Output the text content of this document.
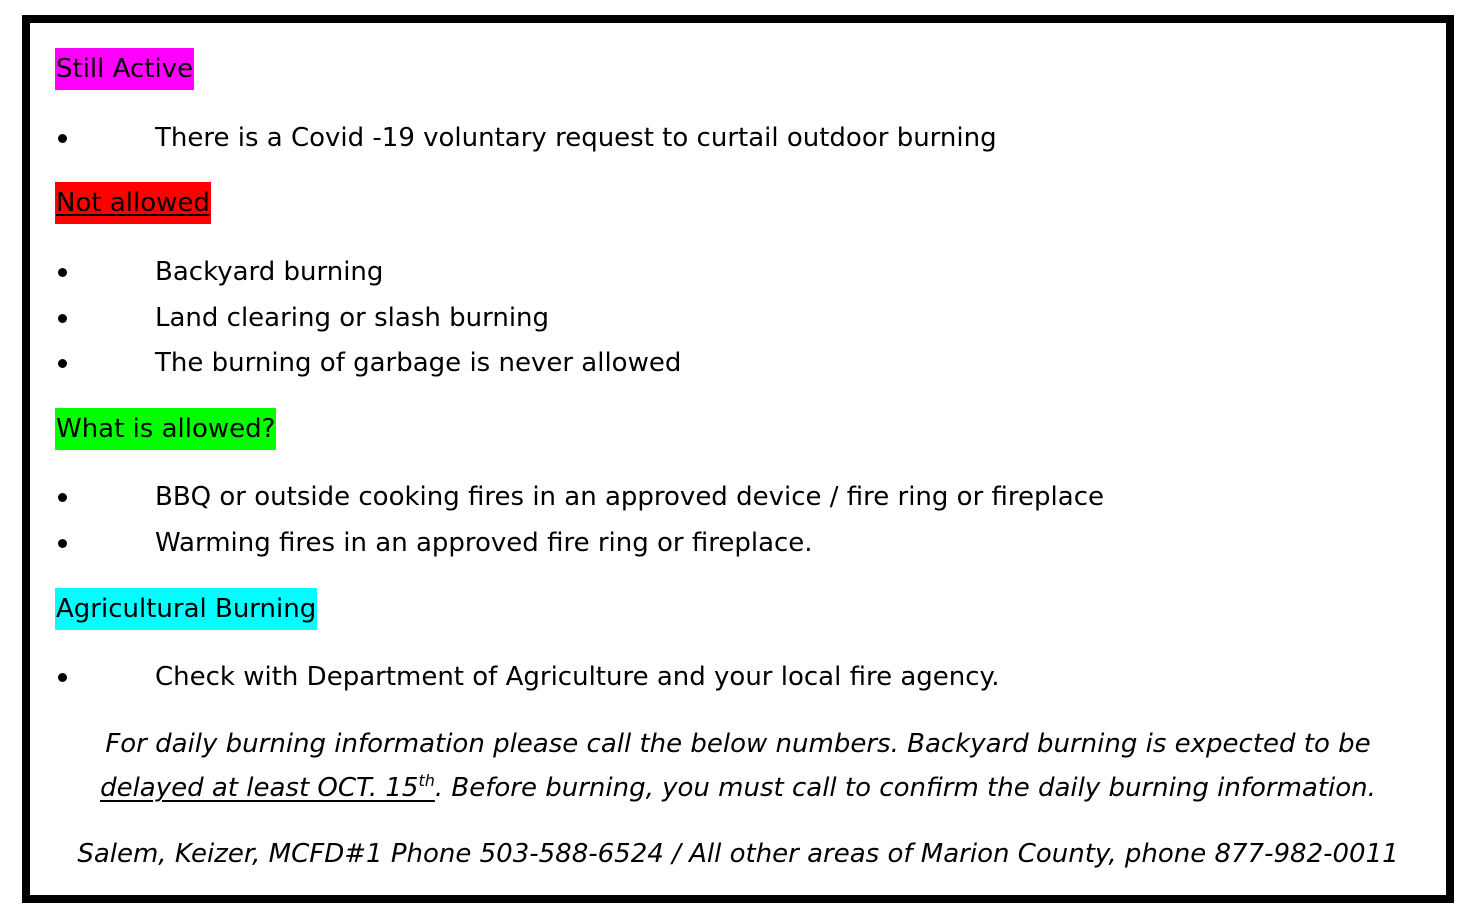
Still Active
There is a Covid -19 voluntary request to curtail outdoor burning
Not allowed
Backyard burning
Land clearing or slash burning
The burning of garbage is never allowed
What is allowed?
BBQ or outside cooking fires in an approved device / fire ring or fireplace
Warming fires in an approved fire ring or fireplace.
Agricultural Burning
Check with Department of Agriculture and your local fire agency.
For daily burning information please call the below numbers. Backyard burning is expected to be
delayed at least OCT. 15th. Before burning, you must call to confirm the daily burning information.
Salem, Keizer, MCFD#1 Phone 503-588-6524 / All other areas of Marion County, phone 877-982-0011
